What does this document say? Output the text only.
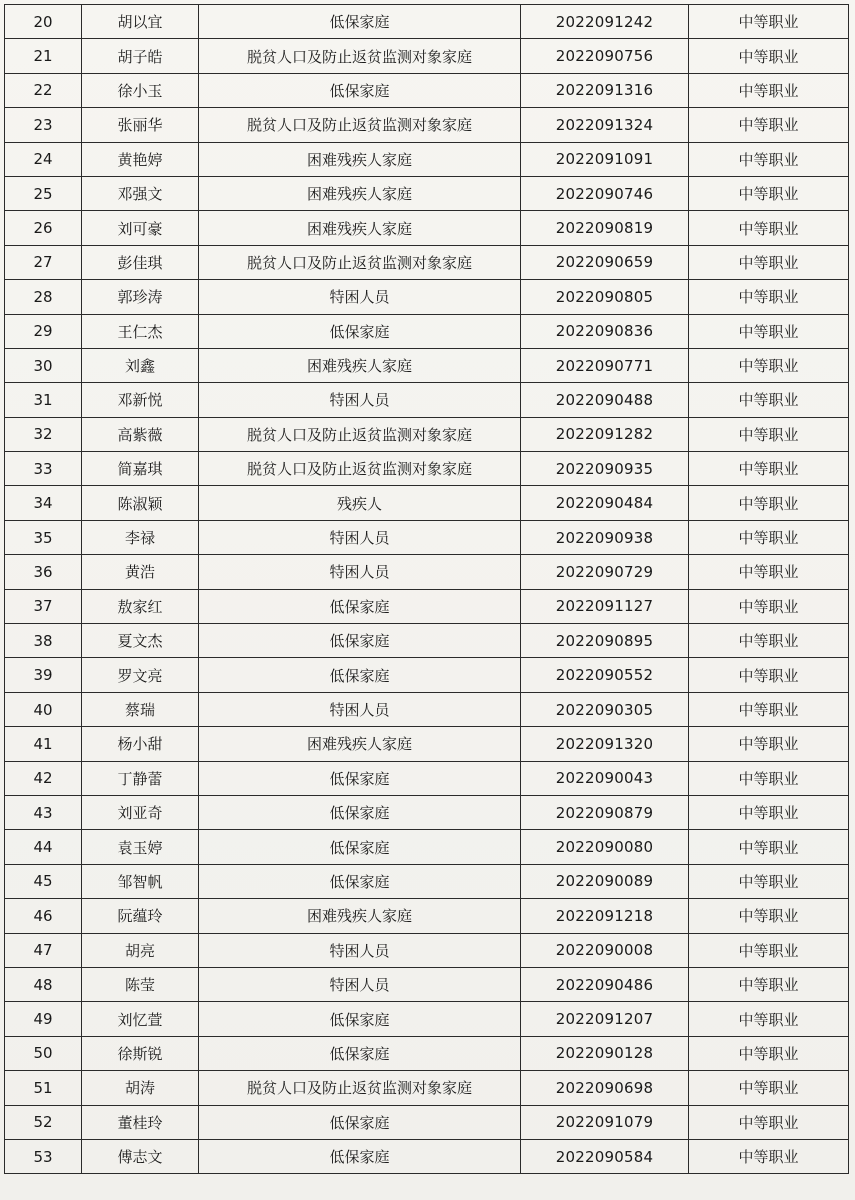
20	胡以宜	低保家庭	2022091242	中等职业
21	胡子皓	脱贫人口及防止返贫监测对象家庭	2022090756	中等职业
22	徐小玉	低保家庭	2022091316	中等职业
23	张丽华	脱贫人口及防止返贫监测对象家庭	2022091324	中等职业
24	黄艳婷	困难残疾人家庭	2022091091	中等职业
25	邓强文	困难残疾人家庭	2022090746	中等职业
26	刘可豪	困难残疾人家庭	2022090819	中等职业
27	彭佳琪	脱贫人口及防止返贫监测对象家庭	2022090659	中等职业
28	郭珍涛	特困人员	2022090805	中等职业
29	王仁杰	低保家庭	2022090836	中等职业
30	刘鑫	困难残疾人家庭	2022090771	中等职业
31	邓新悦	特困人员	2022090488	中等职业
32	高紫薇	脱贫人口及防止返贫监测对象家庭	2022091282	中等职业
33	简嘉琪	脱贫人口及防止返贫监测对象家庭	2022090935	中等职业
34	陈淑颖	残疾人	2022090484	中等职业
35	李禄	特困人员	2022090938	中等职业
36	黄浩	特困人员	2022090729	中等职业
37	敖家红	低保家庭	2022091127	中等职业
38	夏文杰	低保家庭	2022090895	中等职业
39	罗文亮	低保家庭	2022090552	中等职业
40	蔡瑞	特困人员	2022090305	中等职业
41	杨小甜	困难残疾人家庭	2022091320	中等职业
42	丁静蕾	低保家庭	2022090043	中等职业
43	刘亚奇	低保家庭	2022090879	中等职业
44	袁玉婷	低保家庭	2022090080	中等职业
45	邹智帆	低保家庭	2022090089	中等职业
46	阮蕴玲	困难残疾人家庭	2022091218	中等职业
47	胡亮	特困人员	2022090008	中等职业
48	陈莹	特困人员	2022090486	中等职业
49	刘忆萱	低保家庭	2022091207	中等职业
50	徐斯锐	低保家庭	2022090128	中等职业
51	胡涛	脱贫人口及防止返贫监测对象家庭	2022090698	中等职业
52	董桂玲	低保家庭	2022091079	中等职业
53	傅志文	低保家庭	2022090584	中等职业
